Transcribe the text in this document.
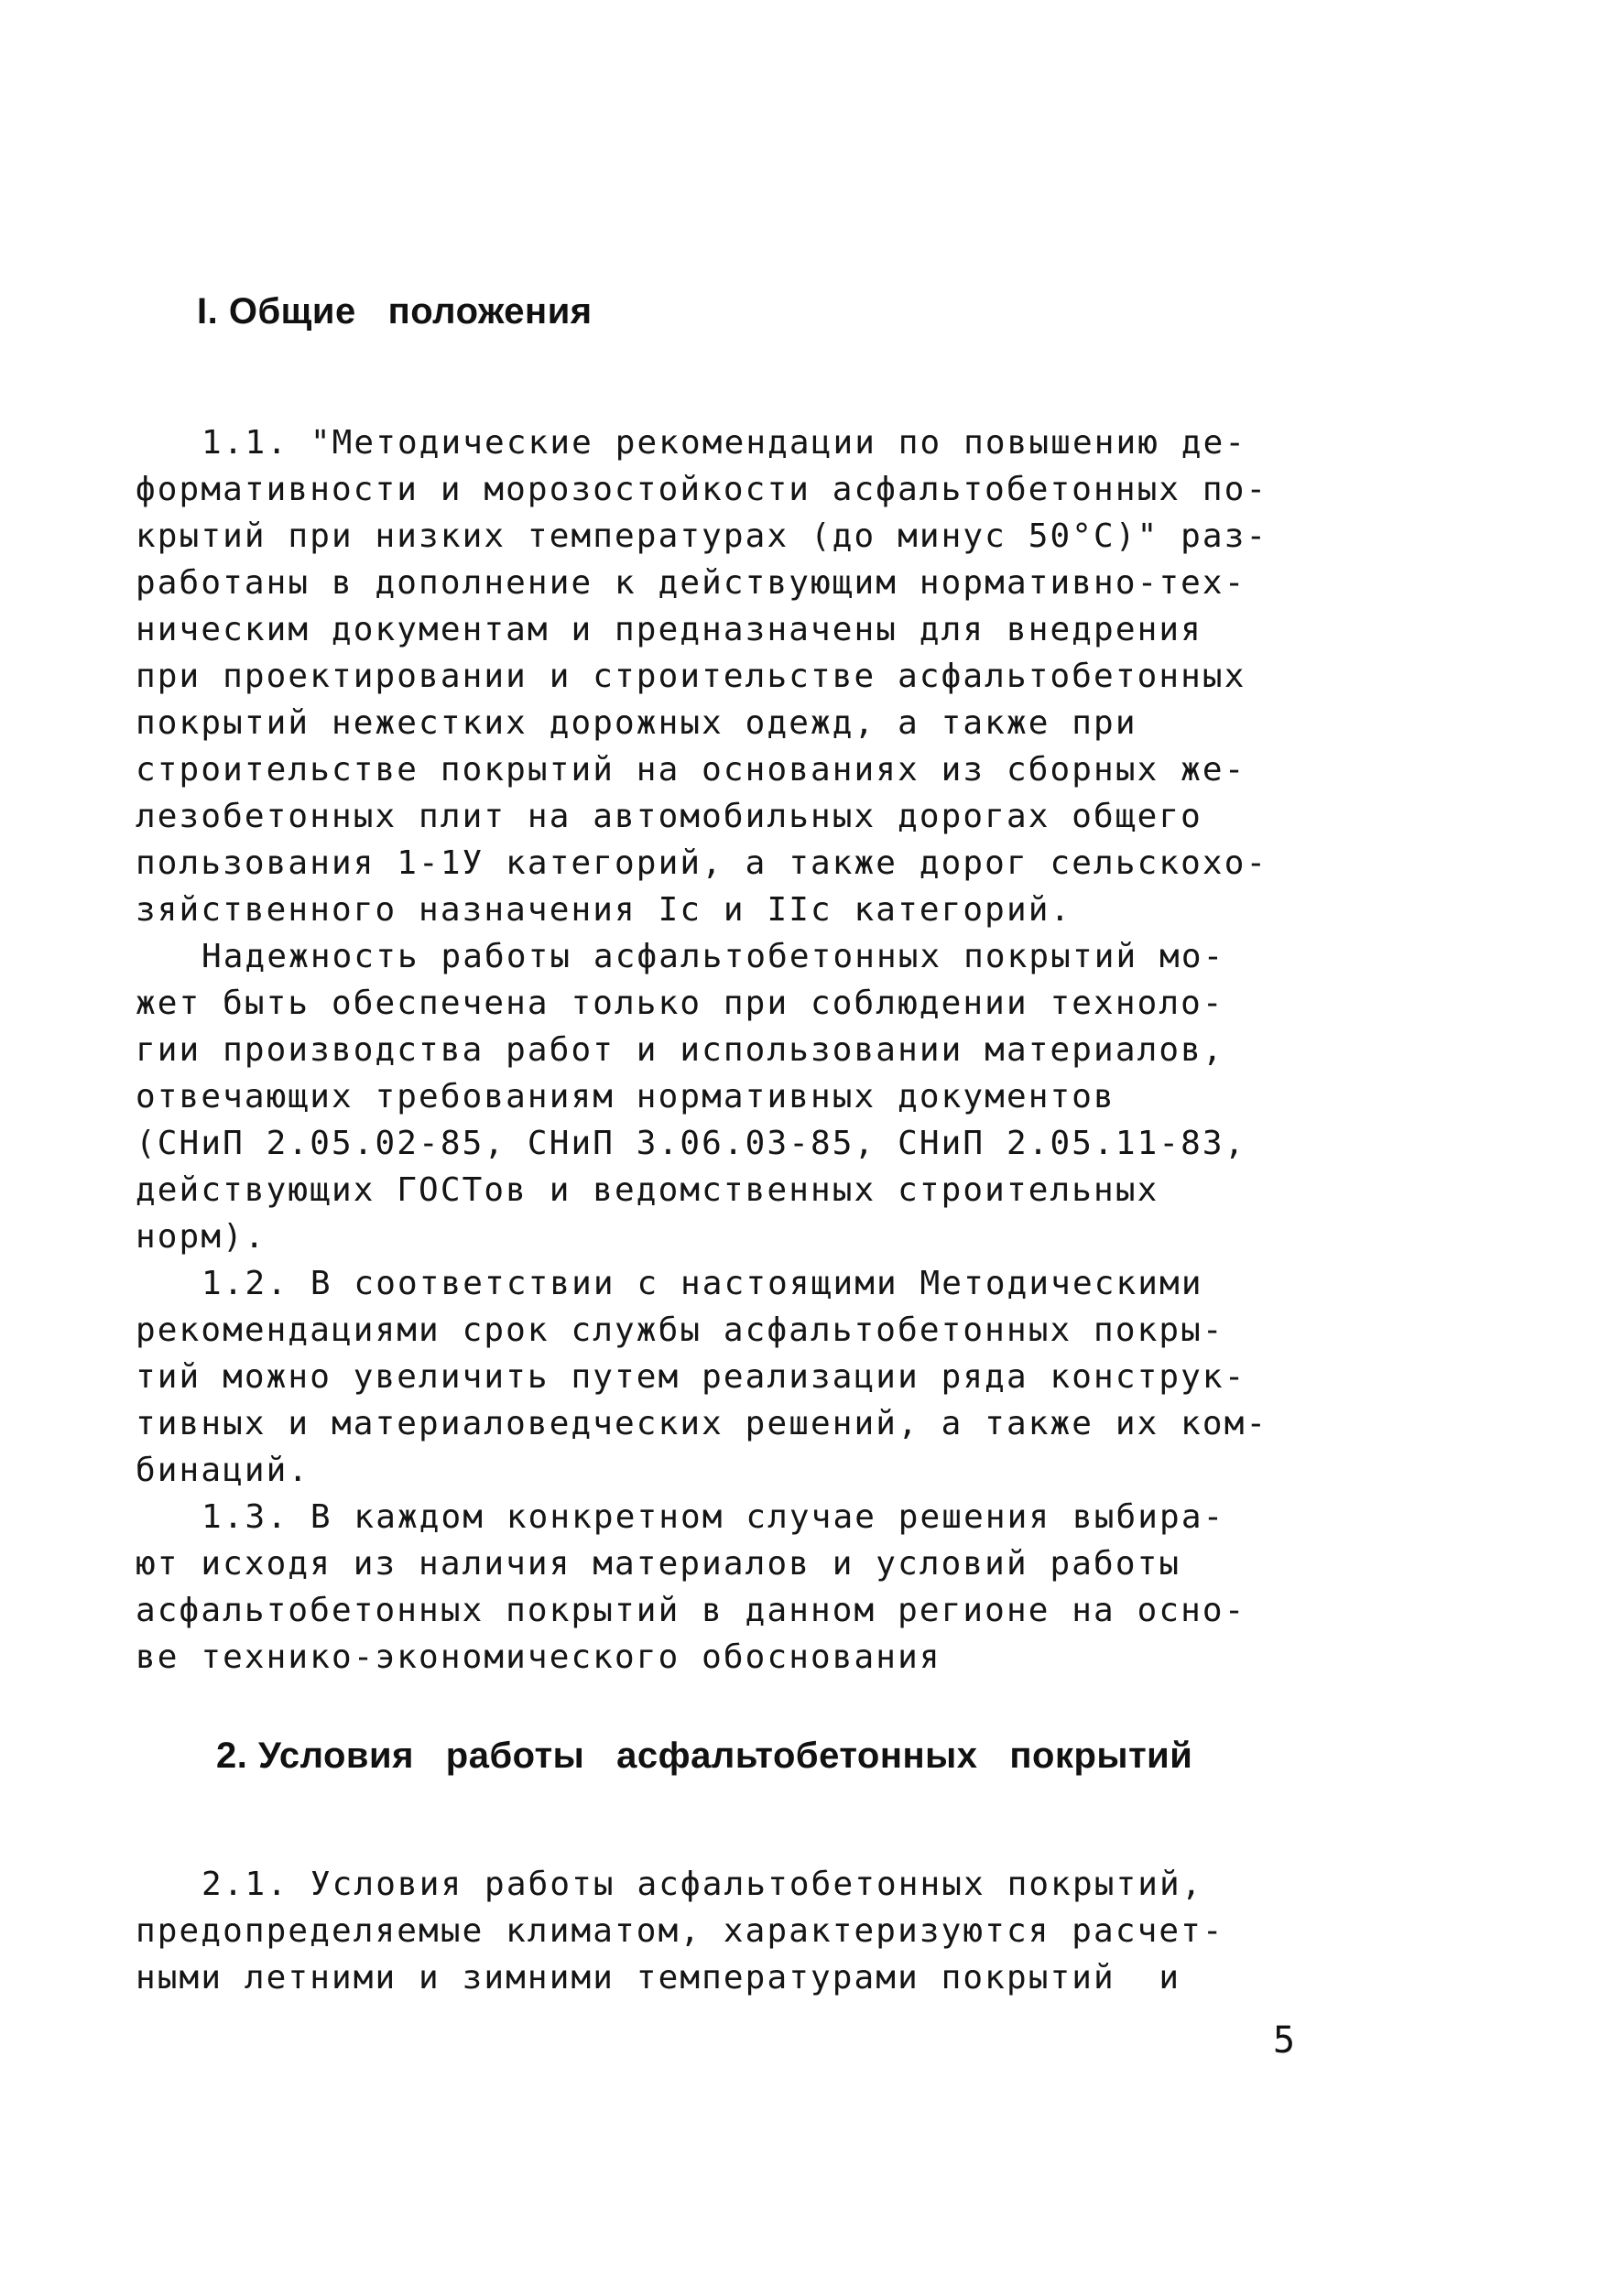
I. Общие   положения
1.1. "Методические рекомендации по повышению де-
формативности и морозостойкости асфальтобетонных по-
крытий при низких температурах (до минус 50°С)" раз-
работаны в дополнение к действующим нормативно-тех-
ническим документам и предназначены для внедрения
при проектировании и строительстве асфальтобетонных
покрытий нежестких дорожных одежд, а также при
строительстве покрытий на основаниях из сборных же-
лезобетонных плит на автомобильных дорогах общего
пользования 1-1У категорий, а также дорог сельскохо-
зяйственного назначения Iс и IIс категорий.
Надежность работы асфальтобетонных покрытий мо-
жет быть обеспечена только при соблюдении техноло-
гии производства работ и использовании материалов,
отвечающих требованиям нормативных документов
(СНиП 2.05.02-85, СНиП 3.06.03-85, СНиП 2.05.11-83,
действующих ГОСТов и ведомственных строительных
норм).
1.2. В соответствии с настоящими Методическими
рекомендациями срок службы асфальтобетонных покры-
тий можно увеличить путем реализации ряда конструк-
тивных и материаловедческих решений, а также их ком-
бинаций.
1.3. В каждом конкретном случае решения выбира-
ют исходя из наличия материалов и условий работы
асфальтобетонных покрытий в данном регионе на осно-
ве технико-экономического обоснования
2. Условия   работы   асфальтобетонных   покрытий
2.1. Условия работы асфальтобетонных покрытий,
предопределяемые климатом, характеризуются расчет-
ными летними и зимними температурами покрытий  и
5
